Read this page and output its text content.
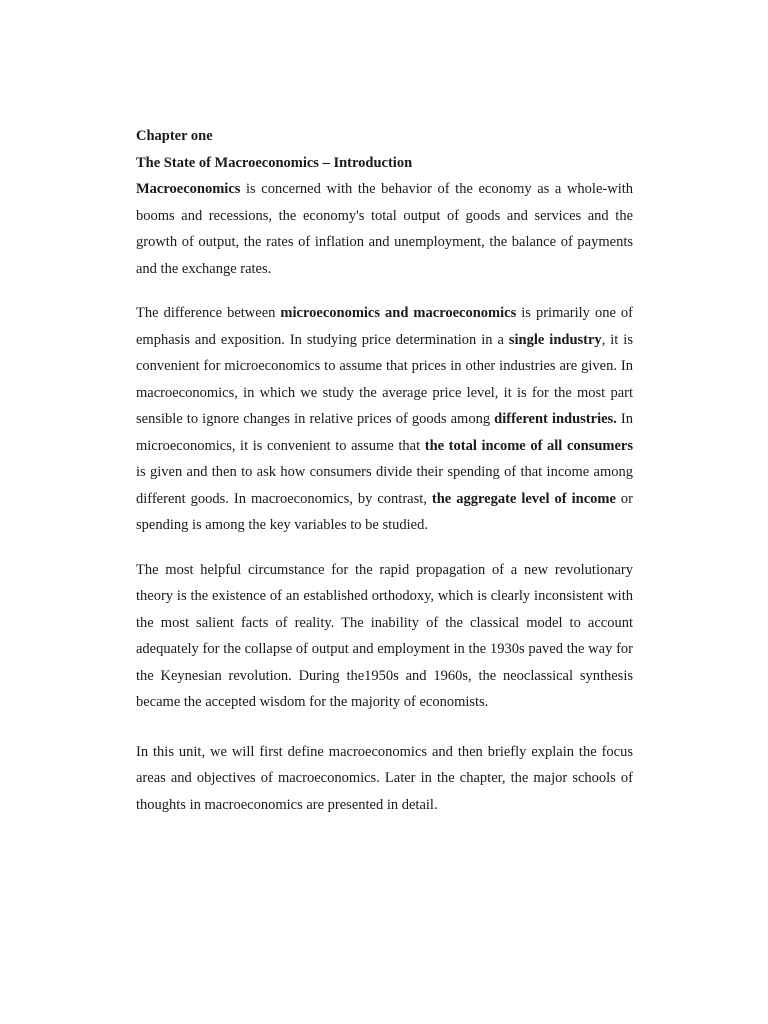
Chapter one

The State of Macroeconomics – Introduction

Macroeconomics is concerned with the behavior of the economy as a whole-with booms and recessions, the economy's total output of goods and services and the growth of output, the rates of inflation and unemployment, the balance of payments and the exchange rates.

The difference between microeconomics and macroeconomics is primarily one of emphasis and exposition. In studying price determination in a single industry, it is convenient for microeconomics to assume that prices in other industries are given. In macroeconomics, in which we study the average price level, it is for the most part sensible to ignore changes in relative prices of goods among different industries. In microeconomics, it is convenient to assume that the total income of all consumers is given and then to ask how consumers divide their spending of that income among different goods. In macroeconomics, by contrast, the aggregate level of income or spending is among the key variables to be studied.

The most helpful circumstance for the rapid propagation of a new revolutionary theory is the existence of an established orthodoxy, which is clearly inconsistent with the most salient facts of reality. The inability of the classical model to account adequately for the collapse of output and employment in the 1930s paved the way for the Keynesian revolution. During the1950s and 1960s, the neoclassical synthesis became the accepted wisdom for the majority of economists.

In this unit, we will first define macroeconomics and then briefly explain the focus areas and objectives of macroeconomics. Later in the chapter, the major schools of thoughts in macroeconomics are presented in detail.
